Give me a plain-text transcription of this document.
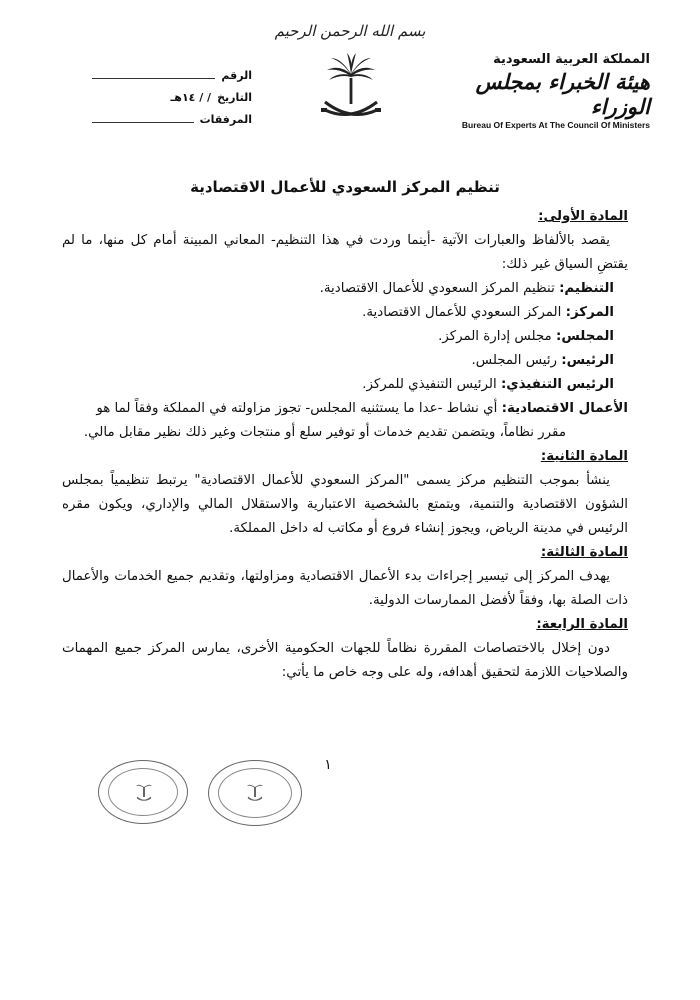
بسم الله الرحمن الرحيم
الرقم
التاريخ
/ / ١٤هـ
المرفقات
المملكة العربية السعودية
هيئة الخبراء بمجلس الوزراء
Bureau Of Experts At The Council Of Ministers
تنظيم المركز السعودي للأعمال الاقتصادية

المادة الأولى:

يقصد بالألفاظ والعبارات الآتية -أينما وردت في هذا التنظيم- المعاني المبينة أمام كل منها، ما لم يقتضِ السياق غير ذلك:

التنظيم: تنظيم المركز السعودي للأعمال الاقتصادية.

المركز: المركز السعودي للأعمال الاقتصادية.

المجلس: مجلس إدارة المركز.

الرئيس: رئيس المجلس.

الرئيس التنفيذي: الرئيس التنفيذي للمركز.

الأعمال الاقتصادية: أي نشاط -عدا ما يستثنيه المجلس- تجوز مزاولته في المملكة وفقاً لما هو

مقرر نظاماً، ويتضمن تقديم خدمات أو توفير سلع أو منتجات وغير ذلك نظير مقابل مالي.

المادة الثانية:

ينشأ بموجب التنظيم مركز يسمى "المركز السعودي للأعمال الاقتصادية" يرتبط تنظيمياً بمجلس الشؤون الاقتصادية والتنمية، ويتمتع بالشخصية الاعتبارية والاستقلال المالي والإداري، ويكون مقره الرئيس في مدينة الرياض، ويجوز إنشاء فروع أو مكاتب له داخل المملكة.

المادة الثالثة:

يهدف المركز إلى تيسير إجراءات بدء الأعمال الاقتصادية ومزاولتها، وتقديم جميع الخدمات والأعمال ذات الصلة بها، وفقاً لأفضل الممارسات الدولية.

المادة الرابعة:

دون إخلال بالاختصاصات المقررة نظاماً للجهات الحكومية الأخرى، يمارس المركز جميع المهمات والصلاحيات اللازمة لتحقيق أهدافه، وله على وجه خاص ما يأتي:

١
